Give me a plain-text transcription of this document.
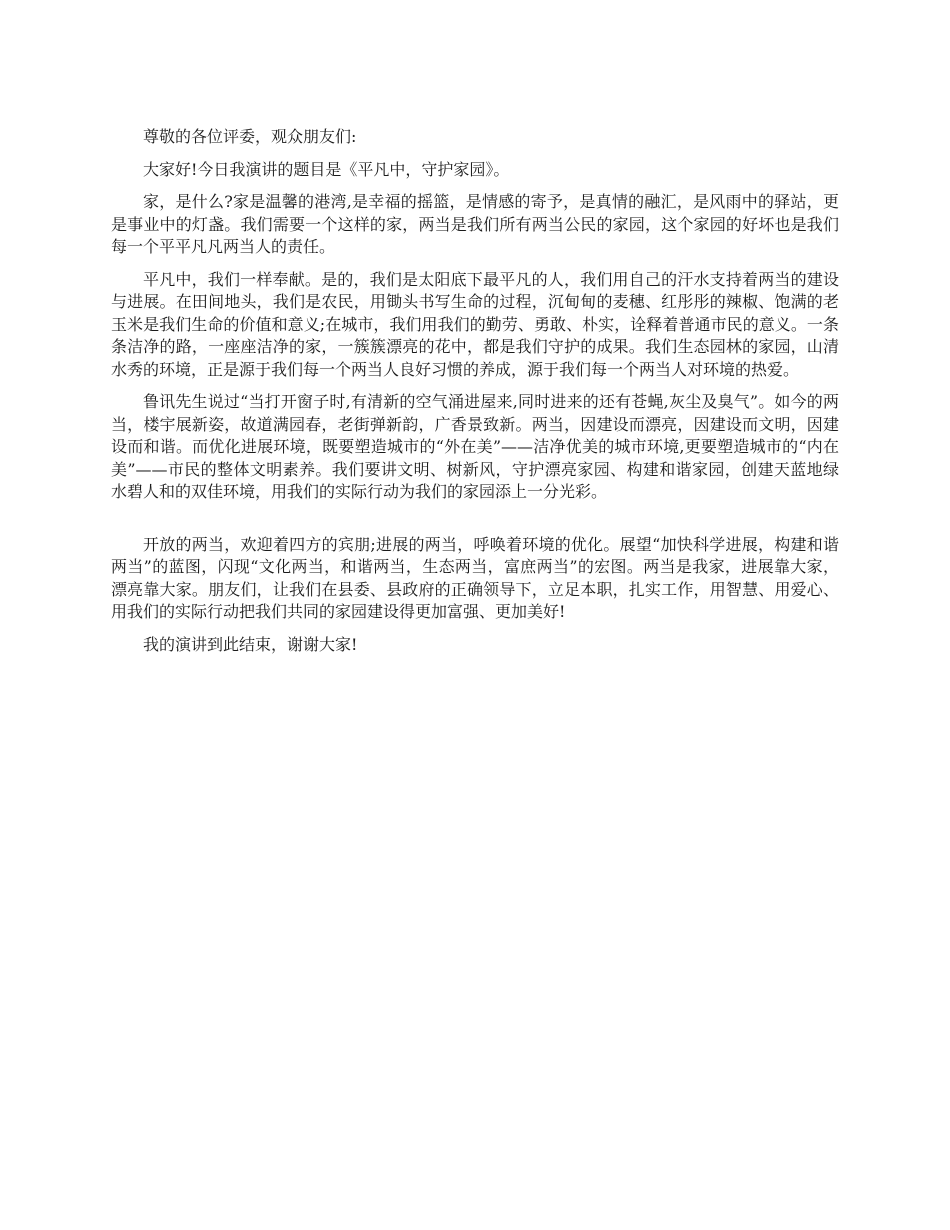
尊敬的各位评委，观众朋友们:

大家好!今日我演讲的题目是《平凡中，守护家园》。

家，是什么?家是温馨的港湾,是幸福的摇篮，是情感的寄予，是真情的融汇，是风雨中的驿站，更是事业中的灯盏。我们需要一个这样的家，两当是我们所有两当公民的家园，这个家园的好坏也是我们每一个平平凡凡两当人的责任。

平凡中，我们一样奉献。是的，我们是太阳底下最平凡的人，我们用自己的汗水支持着两当的建设与进展。在田间地头，我们是农民，用锄头书写生命的过程，沉甸甸的麦穗、红彤彤的辣椒、饱满的老玉米是我们生命的价值和意义;在城市，我们用我们的勤劳、勇敢、朴实，诠释着普通市民的意义。一条条洁净的路，一座座洁净的家，一簇簇漂亮的花中，都是我们守护的成果。我们生态园林的家园，山清水秀的环境，正是源于我们每一个两当人良好习惯的养成，源于我们每一个两当人对环境的热爱。

鲁讯先生说过“当打开窗子时,有清新的空气涌进屋来,同时进来的还有苍蝇,灰尘及臭气”。如今的两当，楼宇展新姿，故道满园春，老街弹新韵，广香景致新。两当，因建设而漂亮，因建设而文明，因建设而和谐。而优化进展环境，既要塑造城市的“外在美”——洁净优美的城市环境,更要塑造城市的“内在美”——市民的整体文明素养。我们要讲文明、树新风，守护漂亮家园、构建和谐家园，创建天蓝地绿水碧人和的双佳环境，用我们的实际行动为我们的家园添上一分光彩。

开放的两当，欢迎着四方的宾朋;进展的两当，呼唤着环境的优化。展望“加快科学进展，构建和谐两当”的蓝图，闪现“文化两当，和谐两当，生态两当，富庶两当”的宏图。两当是我家，进展靠大家，漂亮靠大家。朋友们，让我们在县委、县政府的正确领导下，立足本职，扎实工作，用智慧、用爱心、用我们的实际行动把我们共同的家园建设得更加富强、更加美好!

我的演讲到此结束，谢谢大家!
